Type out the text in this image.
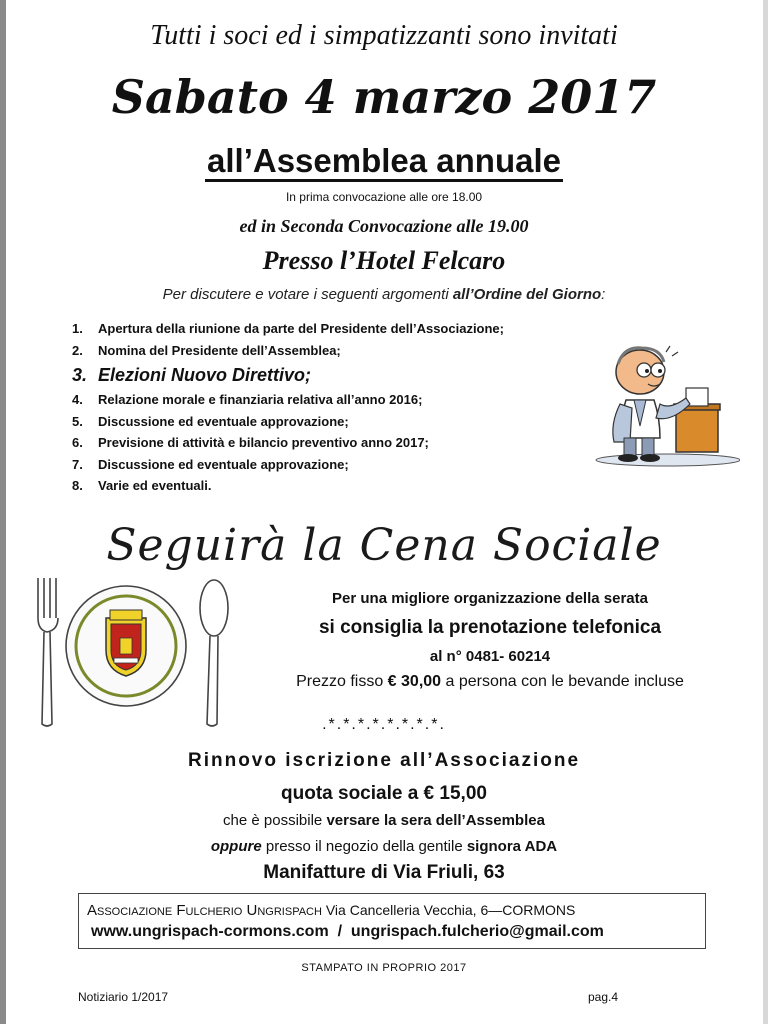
Tutti i soci ed i simpatizzanti sono invitati
Sabato 4 marzo 2017
all’Assemblea annuale
In prima convocazione alle ore 18.00
ed in Seconda Convocazione alle 19.00
Presso l’Hotel Felcaro
Per discutere e votare i seguenti argomenti all’Ordine del Giorno:
1. Apertura della riunione da parte del Presidente dell’Associazione;
2. Nomina del Presidente dell’Assemblea;
3. Elezioni Nuovo Direttivo;
4. Relazione morale e finanziaria relativa all’anno 2016;
5. Discussione ed eventuale approvazione;
6. Previsione di attività e bilancio preventivo anno 2017;
7. Discussione ed eventuale approvazione;
8. Varie ed eventuali.
Seguirà la Cena Sociale
Per una migliore organizzazione della serata
si consiglia la prenotazione telefonica
al n° 0481- 60214
Prezzo fisso € 30,00 a persona con le bevande incluse
.*.*.*.*.*.*.*.*.
Rinnovo iscrizione all’Associazione
quota sociale a € 15,00
che è possibile versare la sera dell’Assemblea
oppure presso il negozio della gentile signora ADA
Manifatture di Via Friuli, 63
Associazione Fulcherio Ungrispach Via Cancelleria Vecchia, 6—CORMONS
www.ungrispach-cormons.com  /  ungrispach.fulcherio@gmail.com
STAMPATO IN PROPRIO 2017
Notiziario 1/2017	pag.4
